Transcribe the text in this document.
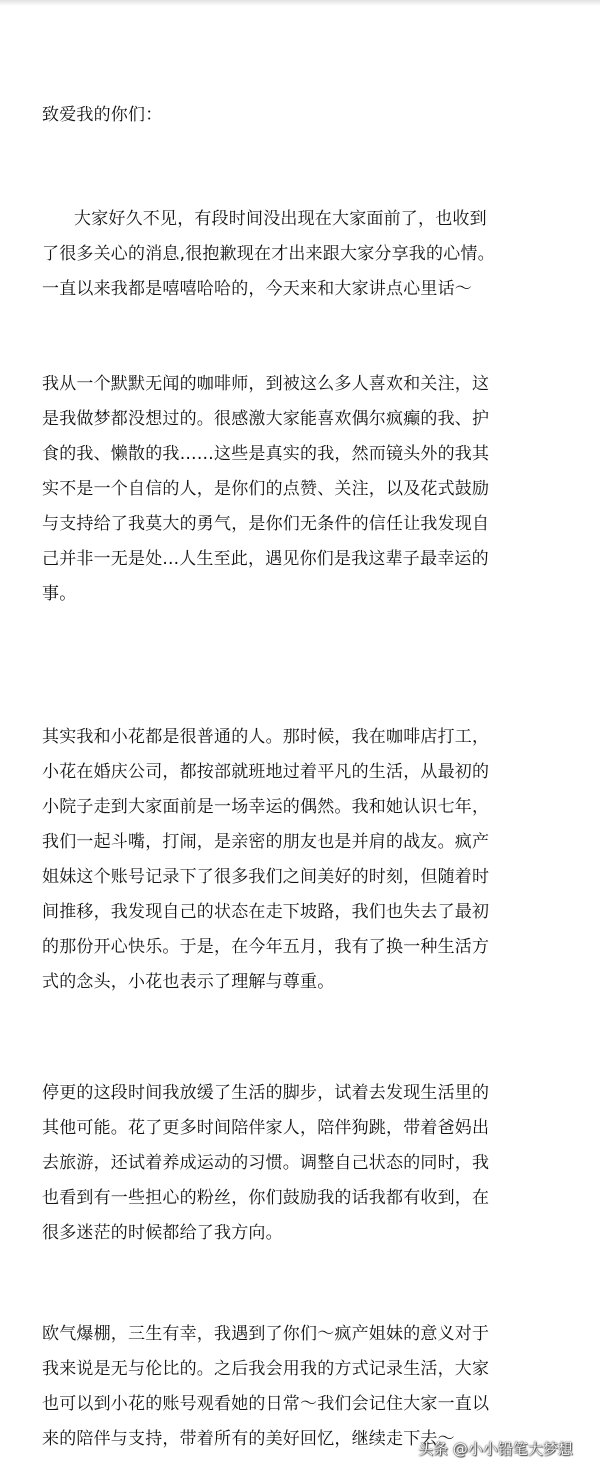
致爱我的你们：
大家好久不见，有段时间没出现在大家面前了，也收到
了很多关心的消息,很抱歉现在才出来跟大家分享我的心情。
一直以来我都是嘻嘻哈哈的，今天来和大家讲点心里话～
我从一个默默无闻的咖啡师，到被这么多人喜欢和关注，这
是我做梦都没想过的。很感激大家能喜欢偶尔疯癫的我、护
食的我、懒散的我……这些是真实的我，然而镜头外的我其
实不是一个自信的人，是你们的点赞、关注，以及花式鼓励
与支持给了我莫大的勇气，是你们无条件的信任让我发现自
己并非一无是处...人生至此，遇见你们是我这辈子最幸运的
事。
其实我和小花都是很普通的人。那时候，我在咖啡店打工，
小花在婚庆公司，都按部就班地过着平凡的生活，从最初的
小院子走到大家面前是一场幸运的偶然。我和她认识七年，
我们一起斗嘴，打闹，是亲密的朋友也是并肩的战友。疯产
姐妹这个账号记录下了很多我们之间美好的时刻，但随着时
间推移，我发现自己的状态在走下坡路，我们也失去了最初
的那份开心快乐。于是，在今年五月，我有了换一种生活方
式的念头，小花也表示了理解与尊重。
停更的这段时间我放缓了生活的脚步，试着去发现生活里的
其他可能。花了更多时间陪伴家人，陪伴狗跳，带着爸妈出
去旅游，还试着养成运动的习惯。调整自己状态的同时，我
也看到有一些担心的粉丝，你们鼓励我的话我都有收到，在
很多迷茫的时候都给了我方向。
欧气爆棚，三生有幸，我遇到了你们～疯产姐妹的意义对于
我来说是无与伦比的。之后我会用我的方式记录生活，大家
也可以到小花的账号观看她的日常～我们会记住大家一直以
来的陪伴与支持，带着所有的美好回忆，继续走下去～
头条 @小小铅笔大梦想
